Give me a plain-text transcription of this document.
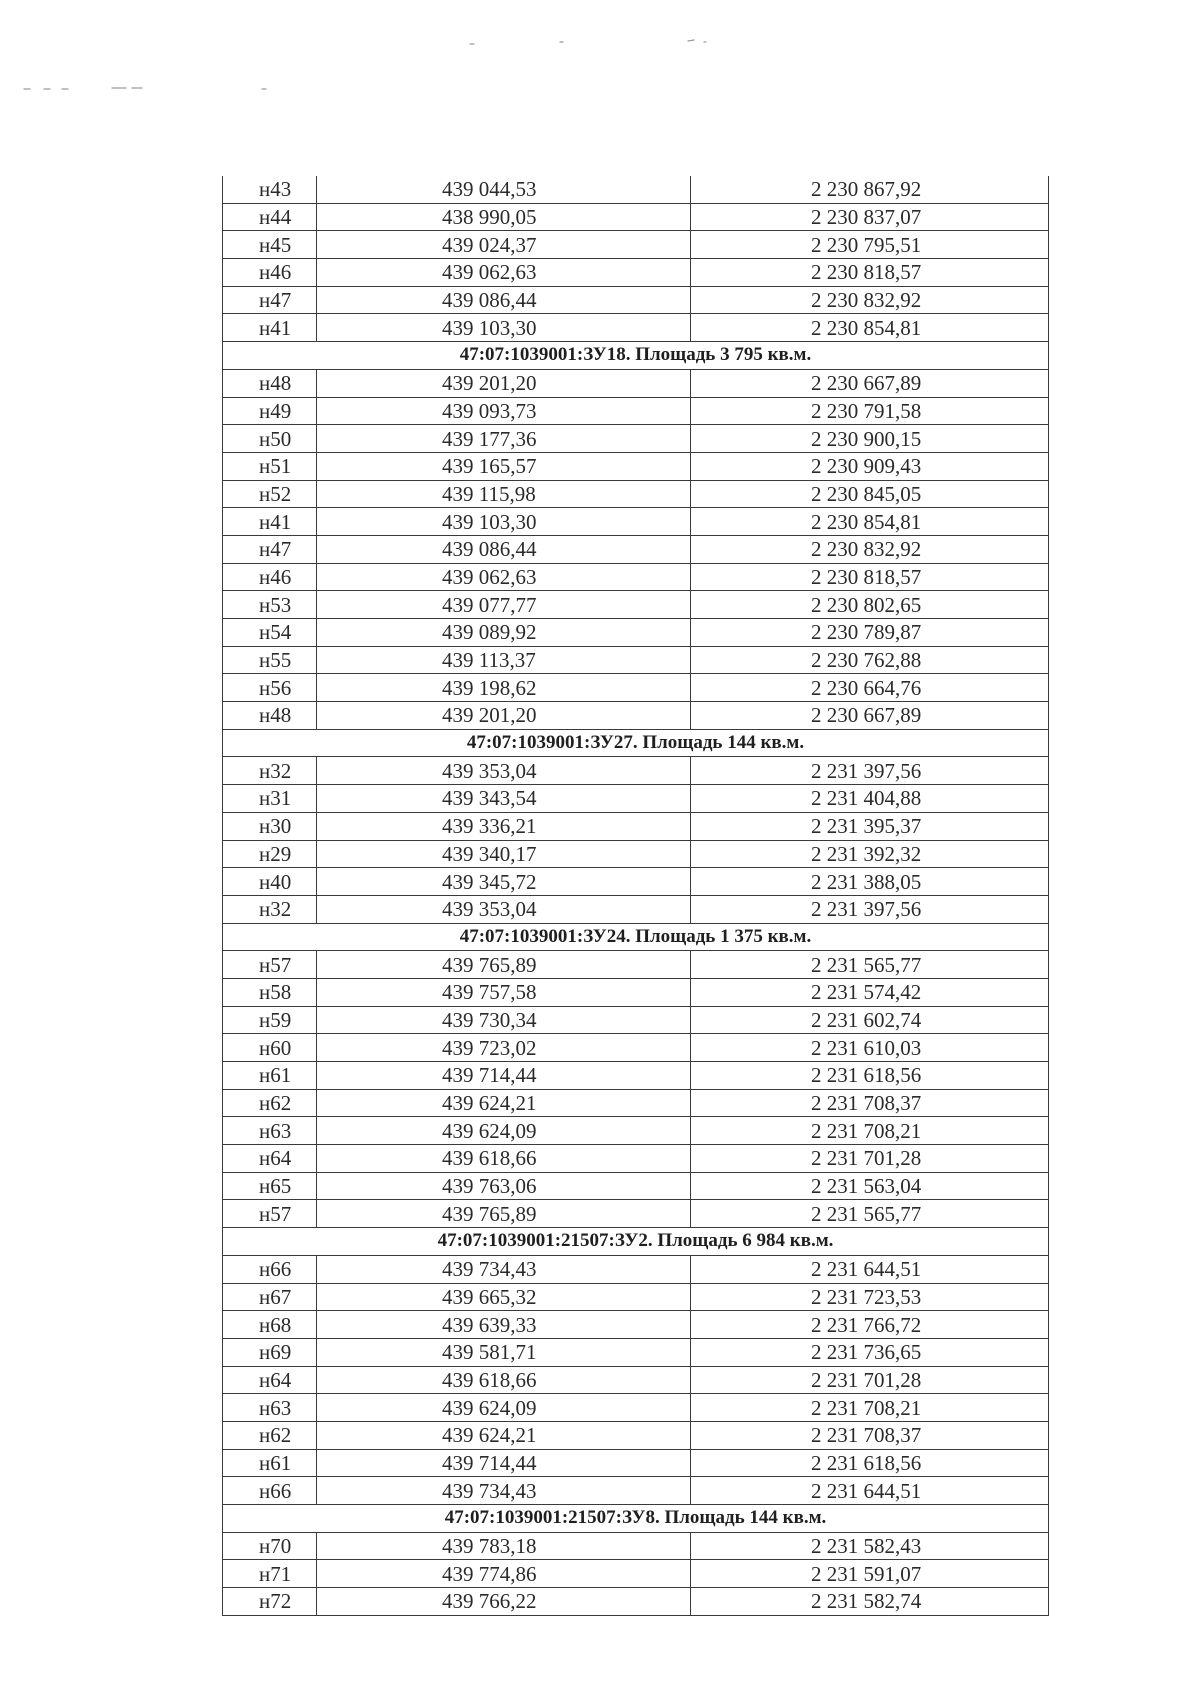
н43	439 044,53	2 230 867,92
н44	438 990,05	2 230 837,07
н45	439 024,37	2 230 795,51
н46	439 062,63	2 230 818,57
н47	439 086,44	2 230 832,92
н41	439 103,30	2 230 854,81
47:07:1039001:ЗУ18. Площадь 3 795 кв.м.		
н48	439 201,20	2 230 667,89
н49	439 093,73	2 230 791,58
н50	439 177,36	2 230 900,15
н51	439 165,57	2 230 909,43
н52	439 115,98	2 230 845,05
н41	439 103,30	2 230 854,81
н47	439 086,44	2 230 832,92
н46	439 062,63	2 230 818,57
н53	439 077,77	2 230 802,65
н54	439 089,92	2 230 789,87
н55	439 113,37	2 230 762,88
н56	439 198,62	2 230 664,76
н48	439 201,20	2 230 667,89
47:07:1039001:ЗУ27. Площадь 144 кв.м.		
н32	439 353,04	2 231 397,56
н31	439 343,54	2 231 404,88
н30	439 336,21	2 231 395,37
н29	439 340,17	2 231 392,32
н40	439 345,72	2 231 388,05
н32	439 353,04	2 231 397,56
47:07:1039001:ЗУ24. Площадь 1 375 кв.м.		
н57	439 765,89	2 231 565,77
н58	439 757,58	2 231 574,42
н59	439 730,34	2 231 602,74
н60	439 723,02	2 231 610,03
н61	439 714,44	2 231 618,56
н62	439 624,21	2 231 708,37
н63	439 624,09	2 231 708,21
н64	439 618,66	2 231 701,28
н65	439 763,06	2 231 563,04
н57	439 765,89	2 231 565,77
47:07:1039001:21507:ЗУ2. Площадь 6 984 кв.м.		
н66	439 734,43	2 231 644,51
н67	439 665,32	2 231 723,53
н68	439 639,33	2 231 766,72
н69	439 581,71	2 231 736,65
н64	439 618,66	2 231 701,28
н63	439 624,09	2 231 708,21
н62	439 624,21	2 231 708,37
н61	439 714,44	2 231 618,56
н66	439 734,43	2 231 644,51
47:07:1039001:21507:ЗУ8. Площадь 144 кв.м.		
н70	439 783,18	2 231 582,43
н71	439 774,86	2 231 591,07
н72	439 766,22	2 231 582,74
